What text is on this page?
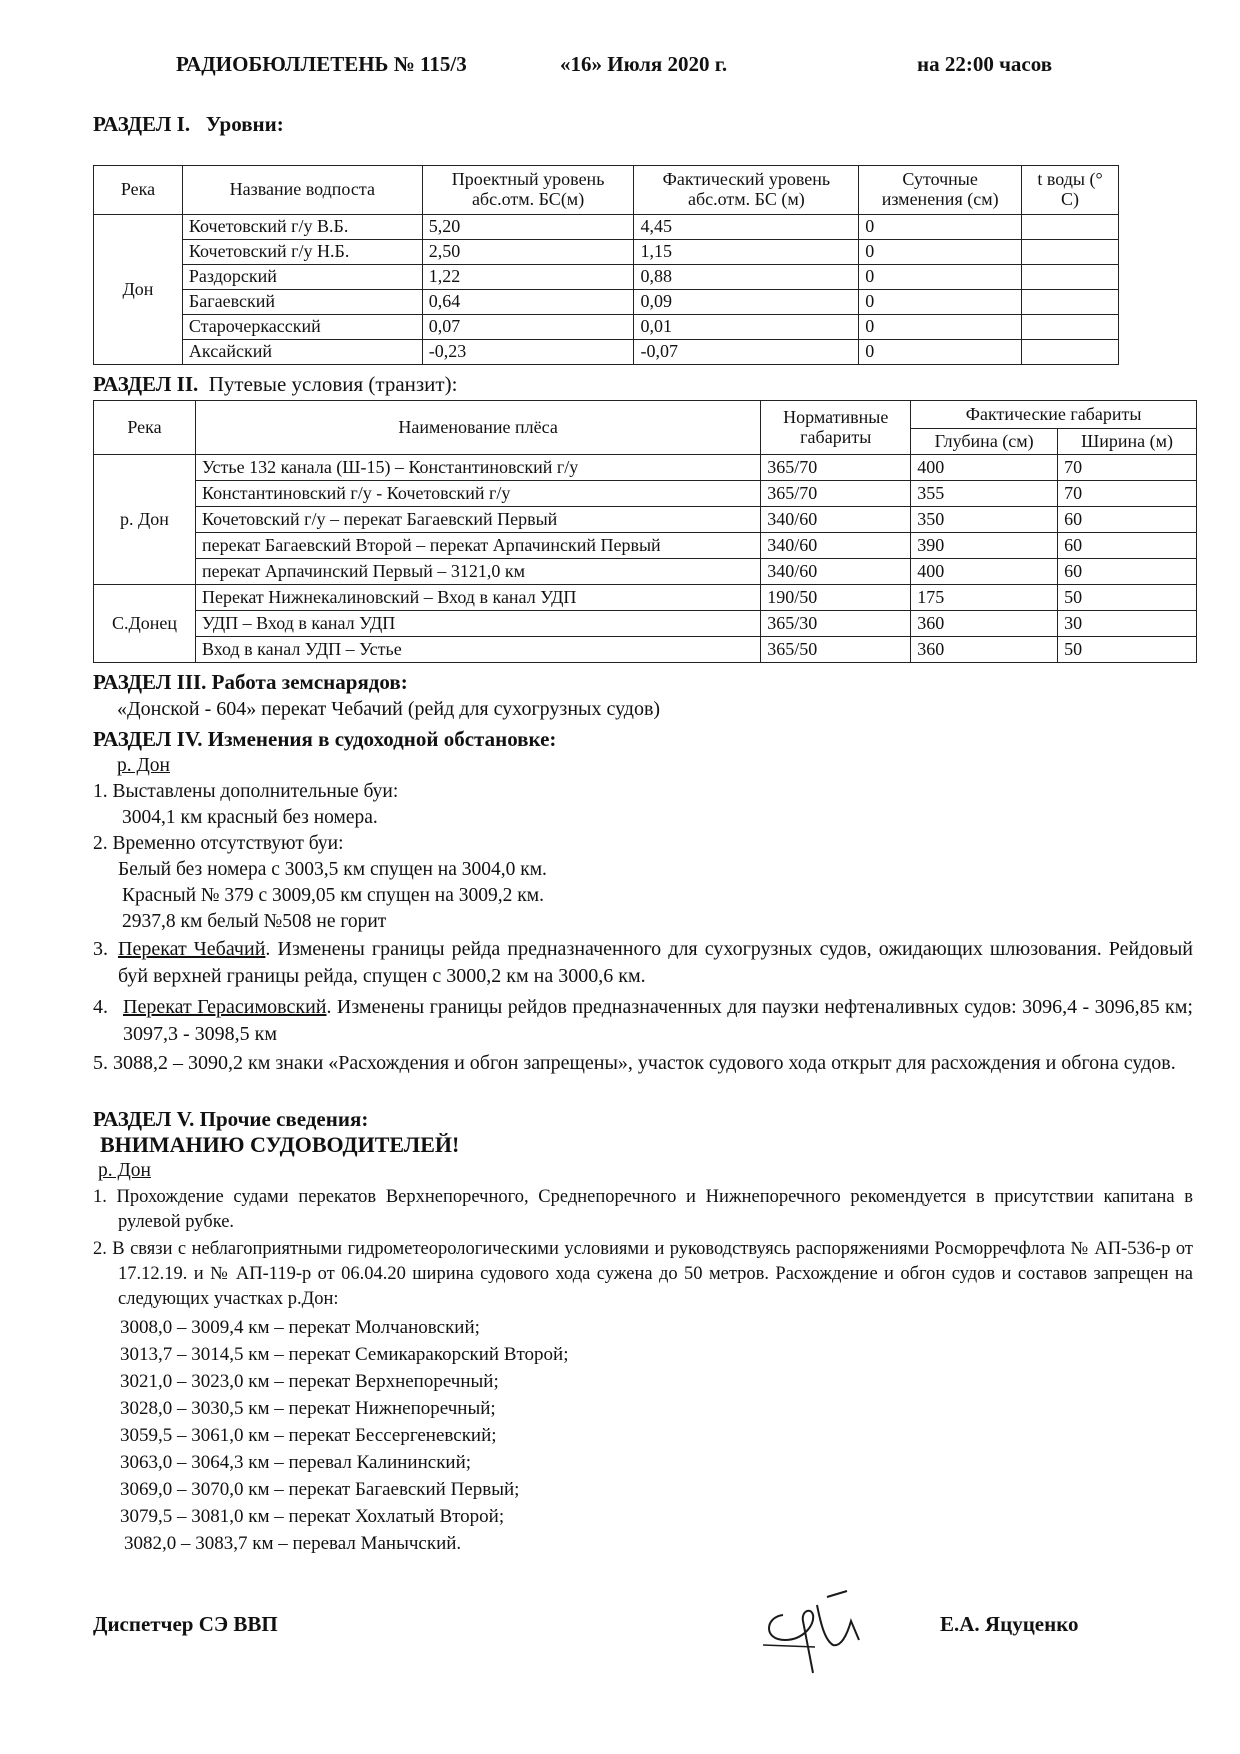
РАДИОБЮЛЛЕТЕНЬ № 115/3	«16» Июля 2020 г.	на 22:00 часов
РАЗДЕЛ I. Уровни:
Река	Название водпоста	Проектный уровень абс.отм. БС(м)	Фактический уровень абс.отм. БС (м)	Суточные изменения (см)	t воды (° C)
Дон	Кочетовский г/у В.Б.	5,20	4,45	0	
	Кочетовский г/у Н.Б.	2,50	1,15	0	
	Раздорский	1,22	0,88	0	
	Багаевский	0,64	0,09	0	
	Старочеркасский	0,07	0,01	0	
	Аксайский	-0,23	-0,07	0	
РАЗДЕЛ II. Путевые условия (транзит):
Река	Наименование плёса	Нормативные габариты	Фактические габариты	
			Глубина (см)	Ширина (м)
р. Дон	Устье 132 канала (Ш-15) – Константиновский г/у	365/70	400	70
	Константиновский г/у - Кочетовский г/у	365/70	355	70
	Кочетовский г/у – перекат Багаевский Первый	340/60	350	60
	перекат Багаевский Второй – перекат Арпачинский Первый	340/60	390	60
	перекат Арпачинский Первый – 3121,0 км	340/60	400	60
С.Донец	Перекат Нижнекалиновский – Вход в канал УДП	190/50	175	50
	УДП – Вход в канал УДП	365/30	360	30
	Вход в канал УДП – Устье	365/50	360	50
РАЗДЕЛ III. Работа земснарядов:
«Донской - 604» перекат Чебачий (рейд для сухогрузных судов)
РАЗДЕЛ IV. Изменения в судоходной обстановке:
р. Дон
1. Выставлены дополнительные буи:
3004,1 км красный без номера.
2. Временно отсутствуют буи:
Белый без номера с 3003,5 км спущен на 3004,0 км.
Красный № 379 с 3009,05 км спущен на 3009,2 км.
2937,8 км белый №508 не горит
3. Перекат Чебачий. Изменены границы рейда предназначенного для сухогрузных судов, ожидающих шлюзования. Рейдовый буй верхней границы рейда, спущен с 3000,2 км на 3000,6 км.
4. Перекат Герасимовский. Изменены границы рейдов предназначенных для паузки нефтеналивных судов: 3096,4 - 3096,85 км; 3097,3 - 3098,5 км
5. 3088,2 – 3090,2 км знаки «Расхождения и обгон запрещены», участок судового хода открыт для расхождения и обгона судов.
РАЗДЕЛ V. Прочие сведения:
ВНИМАНИЮ СУДОВОДИТЕЛЕЙ!
р. Дон
1. Прохождение судами перекатов Верхнепоречного, Среднепоречного и Нижнепоречного рекомендуется в присутствии капитана в рулевой рубке.
2. В связи с неблагоприятными гидрометеорологическими условиями и руководствуясь распоряжениями Росморречфлота № АП-536-р от 17.12.19. и № АП-119-р от 06.04.20 ширина судового хода сужена до 50 метров. Расхождение и обгон судов и составов запрещен на следующих участках р.Дон:
3008,0 – 3009,4 км – перекат Молчановский;
3013,7 – 3014,5 км – перекат Семикаракорский Второй;
3021,0 – 3023,0 км – перекат Верхнепоречный;
3028,0 – 3030,5 км – перекат Нижнепоречный;
3059,5 – 3061,0 км – перекат Бессергеневский;
3063,0 – 3064,3 км – перевал Калининский;
3069,0 – 3070,0 км – перекат Багаевский Первый;
3079,5 – 3081,0 км – перекат Хохлатый Второй;
3082,0 – 3083,7 км – перевал Манычский.
Диспетчер СЭ ВВП	Е.А. Яцуценко
